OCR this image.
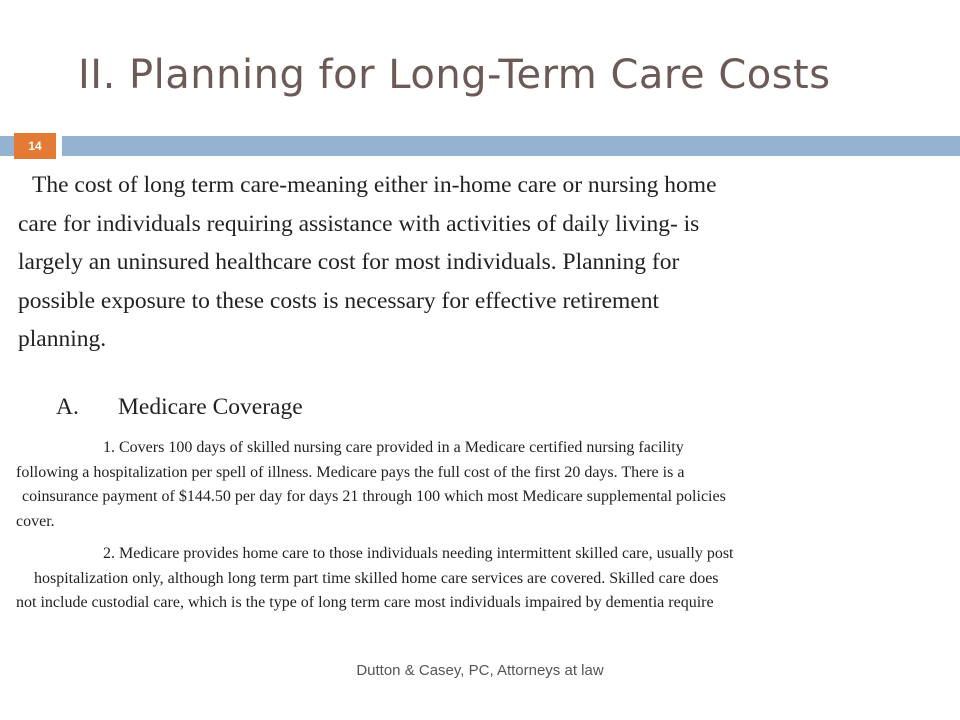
II. Planning for Long-Term Care Costs
14
The cost of long term care-meaning either in-home care or nursing home
care for individuals requiring assistance with activities of daily living- is
largely an uninsured healthcare cost for most individuals. Planning for
possible exposure to these costs is necessary for effective retirement
planning.
A. Medicare Coverage
1. Covers 100 days of skilled nursing care provided in a Medicare certified nursing facility
following a hospitalization per spell of illness. Medicare pays the full cost of the first 20 days. There is a
coinsurance payment of $144.50 per day for days 21 through 100 which most Medicare supplemental policies
cover.
2. Medicare provides home care to those individuals needing intermittent skilled care, usually post
hospitalization only, although long term part time skilled home care services are covered. Skilled care does
not include custodial care, which is the type of long term care most individuals impaired by dementia require
Dutton & Casey, PC, Attorneys at law
